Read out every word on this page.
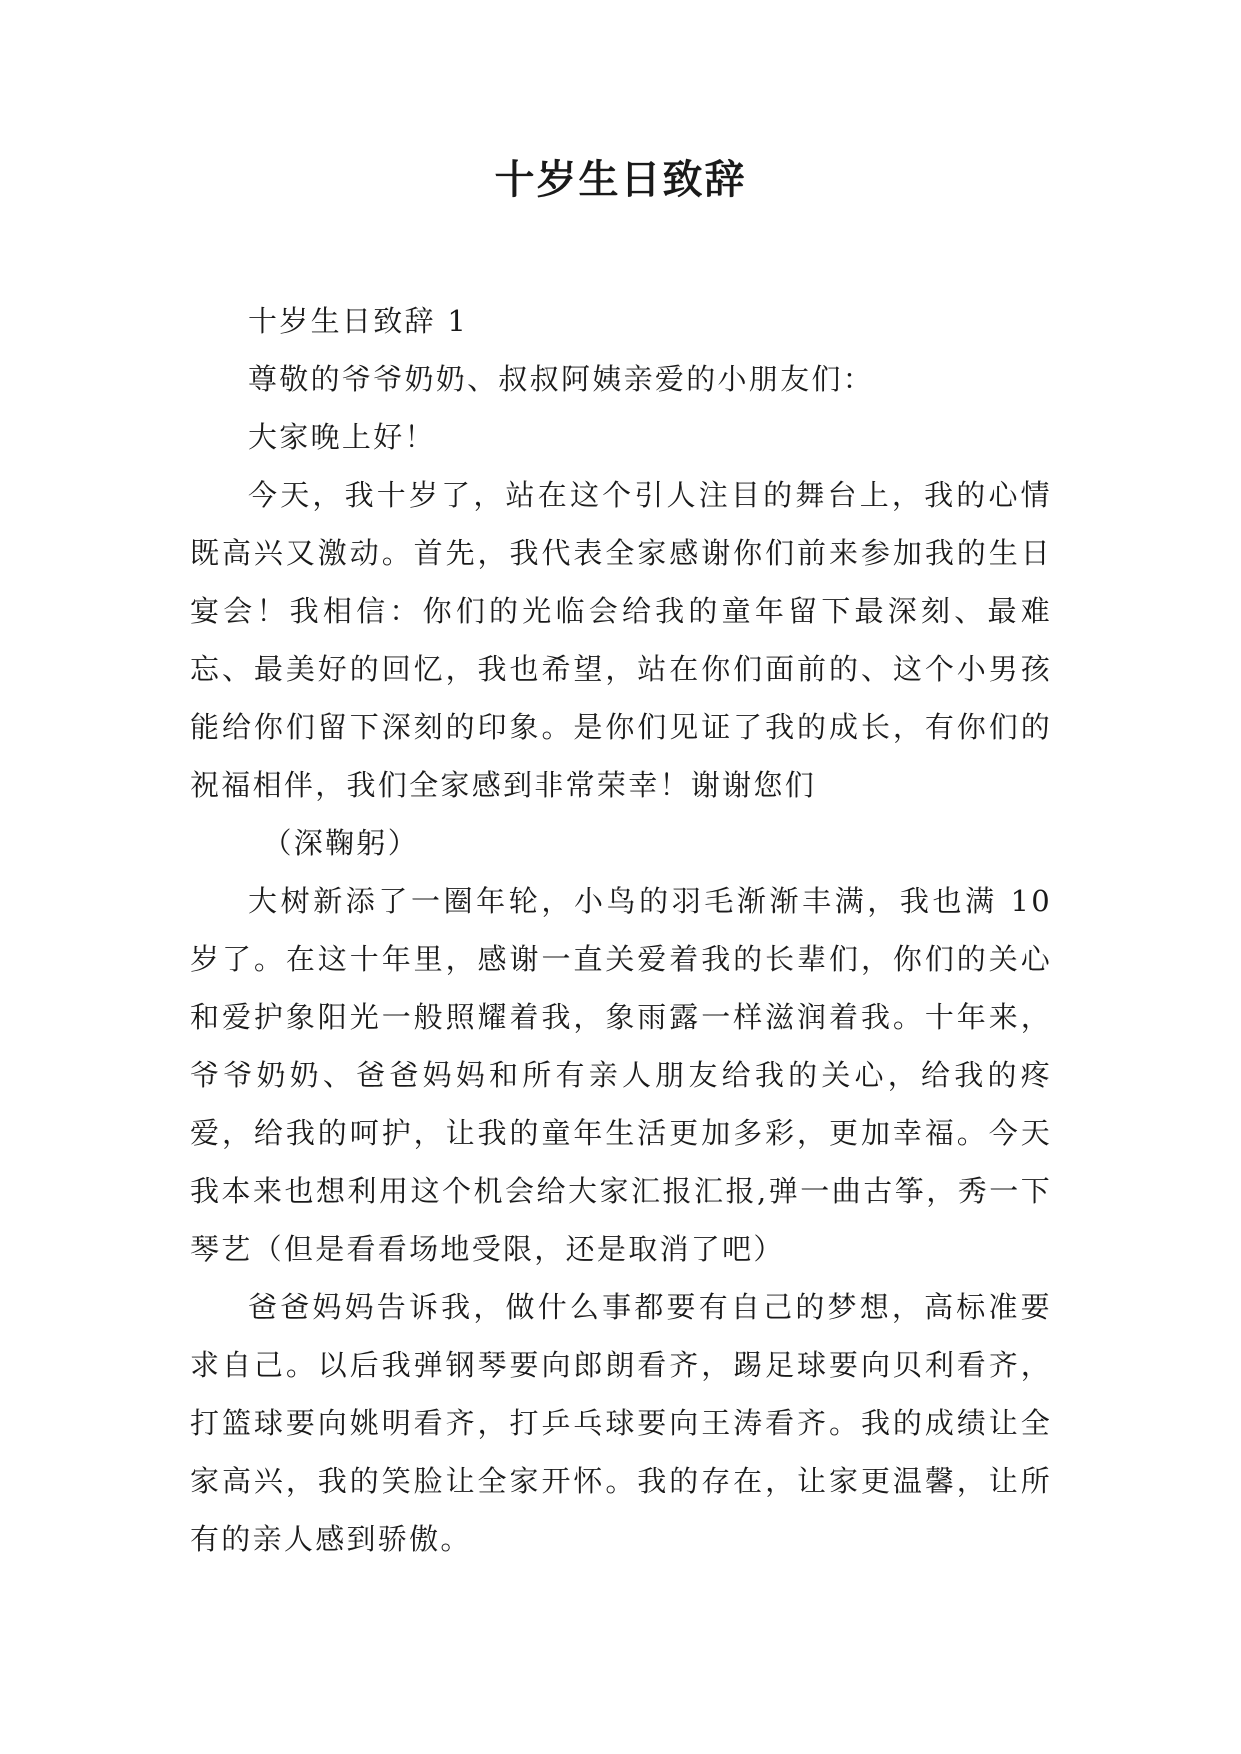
十岁生日致辞

十岁生日致辞 1

尊敬的爷爷奶奶、叔叔阿姨亲爱的小朋友们：

大家晚上好！

今天，我十岁了，站在这个引人注目的舞台上，我的心情既高兴又激动。首先，我代表全家感谢你们前来参加我的生日宴会！我相信：你们的光临会给我的童年留下最深刻、最难忘、最美好的回忆，我也希望，站在你们面前的、这个小男孩能给你们留下深刻的印象。是你们见证了我的成长，有你们的祝福相伴，我们全家感到非常荣幸！谢谢您们

（深鞠躬）

大树新添了一圈年轮，小鸟的羽毛渐渐丰满，我也满 10 岁了。在这十年里，感谢一直关爱着我的长辈们，你们的关心和爱护象阳光一般照耀着我，象雨露一样滋润着我。十年来，爷爷奶奶、爸爸妈妈和所有亲人朋友给我的关心，给我的疼爱，给我的呵护，让我的童年生活更加多彩，更加幸福。今天我本来也想利用这个机会给大家汇报汇报,弹一曲古筝，秀一下琴艺（但是看看场地受限，还是取消了吧）

爸爸妈妈告诉我，做什么事都要有自己的梦想，高标准要求自己。以后我弹钢琴要向郎朗看齐，踢足球要向贝利看齐，打篮球要向姚明看齐，打乒乓球要向王涛看齐。我的成绩让全家高兴，我的笑脸让全家开怀。我的存在，让家更温馨，让所有的亲人感到骄傲。
